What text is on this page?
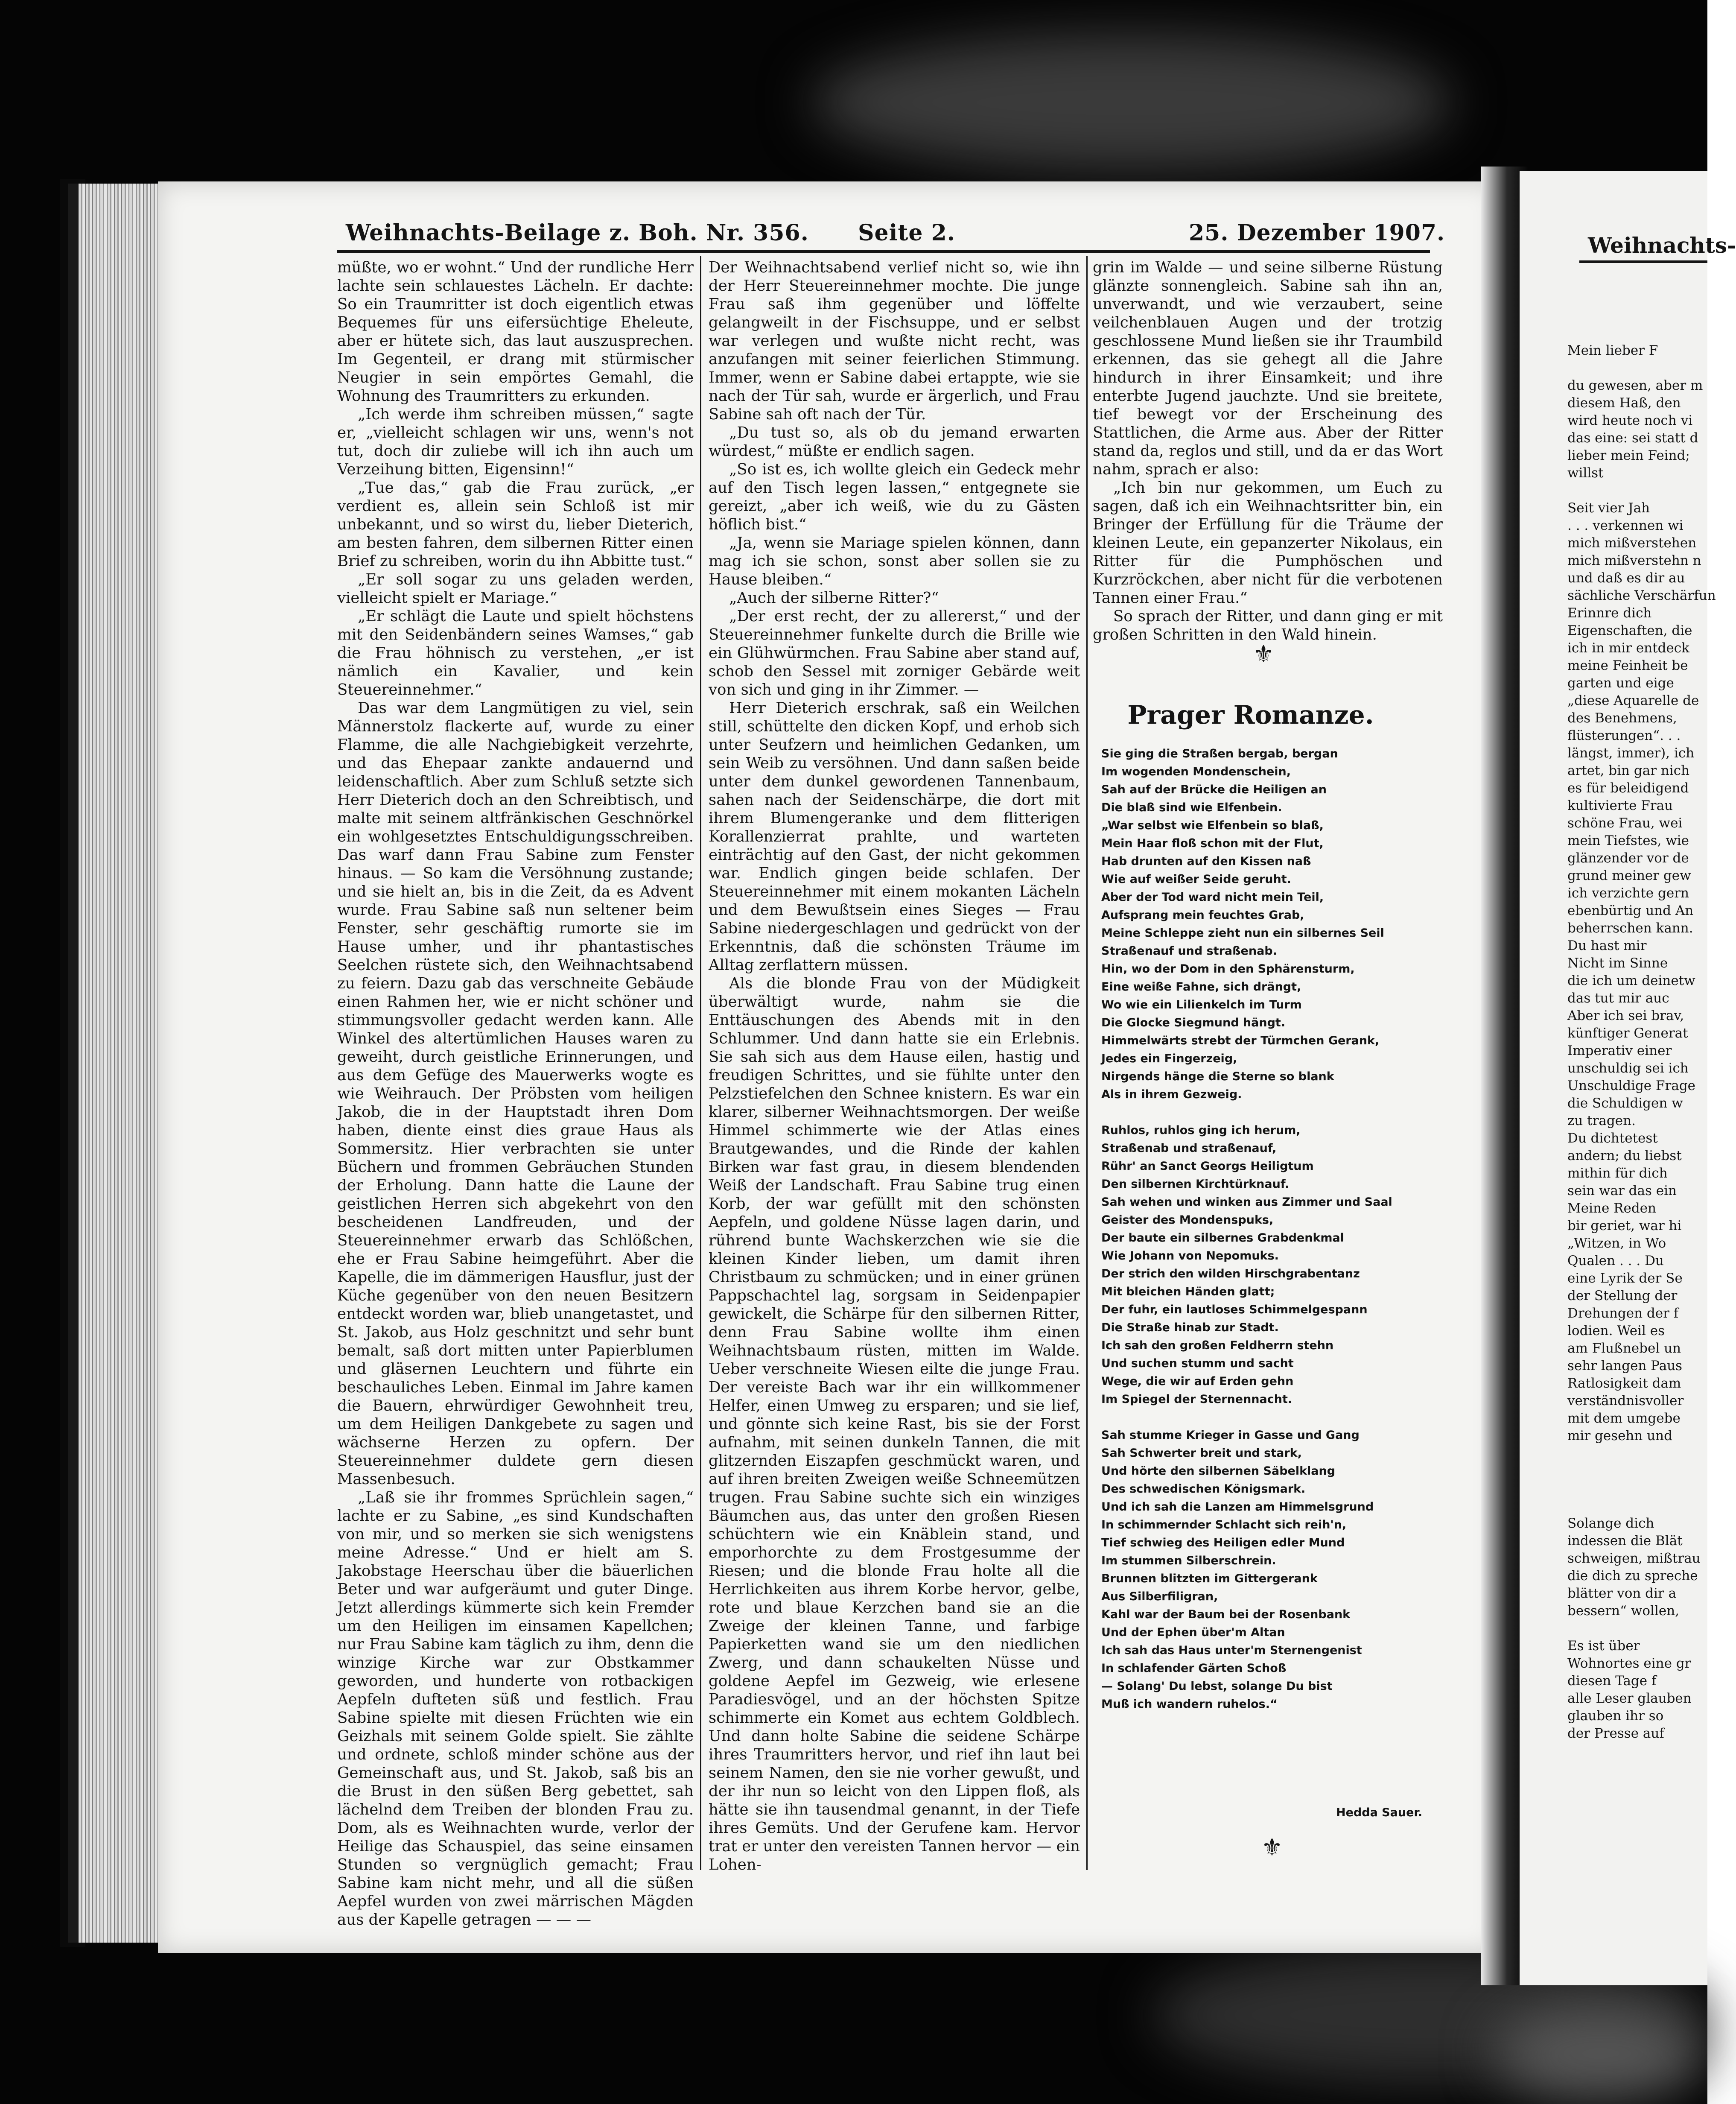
Weihnachts-Beilage z. Boh. Nr. 356. Seite 2.	25. Dezember 1907.

müßte, wo er wohnt.“ Und der rundliche Herr lachte sein schlauestes Lächeln. Er dachte: So ein Traumritter ist doch eigentlich etwas Bequemes für uns eifersüchtige Eheleute, aber er hütete sich, das laut auszusprechen. Im Gegenteil, er drang mit stürmischer Neugier in sein empörtes Gemahl, die Wohnung des Traumritters zu erkunden.

„Ich werde ihm schreiben müssen,“ sagte er, „vielleicht schlagen wir uns, wenn's not tut, doch dir zuliebe will ich ihn auch um Verzeihung bitten, Eigensinn!“

„Tue das,“ gab die Frau zurück, „er verdient es, allein sein Schloß ist mir unbekannt, und so wirst du, lieber Dieterich, am besten fahren, dem silbernen Ritter einen Brief zu schreiben, worin du ihn Abbitte tust.“

„Er soll sogar zu uns geladen werden, vielleicht spielt er Mariage.“

„Er schlägt die Laute und spielt höchstens mit den Seidenbändern seines Wamses,“ gab die Frau höhnisch zu verstehen, „er ist nämlich ein Kavalier, und kein Steuereinnehmer.“

Das war dem Langmütigen zu viel, sein Männerstolz flackerte auf, wurde zu einer Flamme, die alle Nachgiebigkeit verzehrte, und das Ehepaar zankte andauernd und leidenschaftlich. Aber zum Schluß setzte sich Herr Dieterich doch an den Schreibtisch, und malte mit seinem altfränkischen Geschnörkel ein wohlgesetztes Entschuldigungsschreiben. Das warf dann Frau Sabine zum Fenster hinaus. — So kam die Versöhnung zustande; und sie hielt an, bis in die Zeit, da es Advent wurde. Frau Sabine saß nun seltener beim Fenster, sehr geschäftig rumorte sie im Hause umher, und ihr phantastisches Seelchen rüstete sich, den Weihnachtsabend zu feiern. Dazu gab das verschneite Gebäude einen Rahmen her, wie er nicht schöner und stimmungsvoller gedacht werden kann. Alle Winkel des altertümlichen Hauses waren zu geweiht, durch geistliche Erinnerungen, und aus dem Gefüge des Mauerwerks wogte es wie Weihrauch. Der Pröbsten vom heiligen Jakob, die in der Hauptstadt ihren Dom haben, diente einst dies graue Haus als Sommersitz. Hier verbrachten sie unter Büchern und frommen Gebräuchen Stunden der Erholung. Dann hatte die Laune der geistlichen Herren sich abgekehrt von den bescheidenen Landfreuden, und der Steuereinnehmer erwarb das Schlößchen, ehe er Frau Sabine heimgeführt. Aber die Kapelle, die im dämmerigen Hausflur, just der Küche gegenüber von den neuen Besitzern entdeckt worden war, blieb unangetastet, und St. Jakob, aus Holz geschnitzt und sehr bunt bemalt, saß dort mitten unter Papierblumen und gläsernen Leuchtern und führte ein beschauliches Leben. Einmal im Jahre kamen die Bauern, ehrwürdiger Gewohnheit treu, um dem Heiligen Dankgebete zu sagen und wächserne Herzen zu opfern. Der Steuereinnehmer duldete gern diesen Massenbesuch.

„Laß sie ihr frommes Sprüchlein sagen,“ lachte er zu Sabine, „es sind Kundschaften von mir, und so merken sie sich wenigstens meine Adresse.“ Und er hielt am S. Jakobstage Heerschau über die bäuerlichen Beter und war aufgeräumt und guter Dinge. Jetzt allerdings kümmerte sich kein Fremder um den Heiligen im einsamen Kapellchen; nur Frau Sabine kam täglich zu ihm, denn die winzige Kirche war zur Obstkammer geworden, und hunderte von rotbackigen Aepfeln dufteten süß und festlich. Frau Sabine spielte mit diesen Früchten wie ein Geizhals mit seinem Golde spielt. Sie zählte und ordnete, schloß minder schöne aus der Gemeinschaft aus, und St. Jakob, saß bis an die Brust in den süßen Berg gebettet, sah lächelnd dem Treiben der blonden Frau zu. Dom, als es Weihnachten wurde, verlor der Heilige das Schauspiel, das seine einsamen Stunden so vergnüglich gemacht; Frau Sabine kam nicht mehr, und all die süßen Aepfel wurden von zwei märrischen Mägden aus der Kapelle getragen — — —

Der Weihnachtsabend verlief nicht so, wie ihn der Herr Steuereinnehmer mochte. Die junge Frau saß ihm gegenüber und löffelte gelangweilt in der Fischsuppe, und er selbst war verlegen und wußte nicht recht, was anzufangen mit seiner feierlichen Stimmung. Immer, wenn er Sabine dabei ertappte, wie sie nach der Tür sah, wurde er ärgerlich, und Frau Sabine sah oft nach der Tür.

„Du tust so, als ob du jemand erwarten würdest,“ müßte er endlich sagen.

„So ist es, ich wollte gleich ein Gedeck mehr auf den Tisch legen lassen,“ entgegnete sie gereizt, „aber ich weiß, wie du zu Gästen höflich bist.“

„Ja, wenn sie Mariage spielen können, dann mag ich sie schon, sonst aber sollen sie zu Hause bleiben.“

„Auch der silberne Ritter?“

„Der erst recht, der zu allererst,“ und der Steuereinnehmer funkelte durch die Brille wie ein Glühwürmchen. Frau Sabine aber stand auf, schob den Sessel mit zorniger Gebärde weit von sich und ging in ihr Zimmer. —

Herr Dieterich erschrak, saß ein Weilchen still, schüttelte den dicken Kopf, und erhob sich unter Seufzern und heimlichen Gedanken, um sein Weib zu versöhnen. Und dann saßen beide unter dem dunkel gewordenen Tannenbaum, sahen nach der Seidenschärpe, die dort mit ihrem Blumengeranke und dem flitterigen Korallenzierrat prahlte, und warteten einträchtig auf den Gast, der nicht gekommen war. Endlich gingen beide schlafen. Der Steuereinnehmer mit einem mokanten Lächeln und dem Bewußtsein eines Sieges — Frau Sabine niedergeschlagen und gedrückt von der Erkenntnis, daß die schönsten Träume im Alltag zerflattern müssen.

Als die blonde Frau von der Müdigkeit überwältigt wurde, nahm sie die Enttäuschungen des Abends mit in den Schlummer. Und dann hatte sie ein Erlebnis. Sie sah sich aus dem Hause eilen, hastig und freudigen Schrittes, und sie fühlte unter den Pelzstiefelchen den Schnee knistern. Es war ein klarer, silberner Weihnachtsmorgen. Der weiße Himmel schimmerte wie der Atlas eines Brautgewandes, und die Rinde der kahlen Birken war fast grau, in diesem blendenden Weiß der Landschaft. Frau Sabine trug einen Korb, der war gefüllt mit den schönsten Aepfeln, und goldene Nüsse lagen darin, und rührend bunte Wachskerzchen wie sie die kleinen Kinder lieben, um damit ihren Christbaum zu schmücken; und in einer grünen Pappschachtel lag, sorgsam in Seidenpapier gewickelt, die Schärpe für den silbernen Ritter, denn Frau Sabine wollte ihm einen Weihnachtsbaum rüsten, mitten im Walde. Ueber verschneite Wiesen eilte die junge Frau. Der vereiste Bach war ihr ein willkommener Helfer, einen Umweg zu ersparen; und sie lief, und gönnte sich keine Rast, bis sie der Forst aufnahm, mit seinen dunkeln Tannen, die mit glitzernden Eiszapfen geschmückt waren, und auf ihren breiten Zweigen weiße Schneemützen trugen. Frau Sabine suchte sich ein winziges Bäumchen aus, das unter den großen Riesen schüchtern wie ein Knäblein stand, und emporhorchte zu dem Frostgesumme der Riesen; und die blonde Frau holte all die Herrlichkeiten aus ihrem Korbe hervor, gelbe, rote und blaue Kerzchen band sie an die Zweige der kleinen Tanne, und farbige Papierketten wand sie um den niedlichen Zwerg, und dann schaukelten Nüsse und goldene Aepfel im Gezweig, wie erlesene Paradiesvögel, und an der höchsten Spitze schimmerte ein Komet aus echtem Goldblech. Und dann holte Sabine die seidene Schärpe ihres Traumritters hervor, und rief ihn laut bei seinem Namen, den sie nie vorher gewußt, und der ihr nun so leicht von den Lippen floß, als hätte sie ihn tausendmal genannt, in der Tiefe ihres Gemüts. Und der Gerufene kam. Hervor trat er unter den vereisten Tannen hervor — ein Lohen-

grin im Walde — und seine silberne Rüstung glänzte sonnengleich. Sabine sah ihn an, unverwandt, und wie verzaubert, seine veilchenblauen Augen und der trotzig geschlossene Mund ließen sie ihr Traumbild erkennen, das sie gehegt all die Jahre hindurch in ihrer Einsamkeit; und ihre enterbte Jugend jauchzte. Und sie breitete, tief bewegt vor der Erscheinung des Stattlichen, die Arme aus. Aber der Ritter stand da, reglos und still, und da er das Wort nahm, sprach er also:

„Ich bin nur gekommen, um Euch zu sagen, daß ich ein Weihnachtsritter bin, ein Bringer der Erfüllung für die Träume der kleinen Leute, ein gepanzerter Nikolaus, ein Ritter für die Pumphöschen und Kurzröckchen, aber nicht für die verbotenen Tannen einer Frau.“

So sprach der Ritter, und dann ging er mit großen Schritten in den Wald hinein.

⚜
Prager Romanze.
Sie ging die Straßen bergab, bergan
Im wogenden Mondenschein,
Sah auf der Brücke die Heiligen an
Die blaß sind wie Elfenbein.
„War selbst wie Elfenbein so blaß,
Mein Haar floß schon mit der Flut,
Hab drunten auf den Kissen naß
Wie auf weißer Seide geruht.
Aber der Tod ward nicht mein Teil,
Aufsprang mein feuchtes Grab,
Meine Schleppe zieht nun ein silbernes Seil
Straßenauf und straßenab.
Hin, wo der Dom in den Sphärensturm,
Eine weiße Fahne, sich drängt,
Wo wie ein Lilienkelch im Turm
Die Glocke Siegmund hängt.
Himmelwärts strebt der Türmchen Gerank,
Jedes ein Fingerzeig,
Nirgends hänge die Sterne so blank
Als in ihrem Gezweig.
Ruhlos, ruhlos ging ich herum,
Straßenab und straßenauf,
Rühr' an Sanct Georgs Heiligtum
Den silbernen Kirchtürknauf.
Sah wehen und winken aus Zimmer und Saal
Geister des Mondenspuks,
Der baute ein silbernes Grabdenkmal
Wie Johann von Nepomuks.
Der strich den wilden Hirschgrabentanz
Mit bleichen Händen glatt;
Der fuhr, ein lautloses Schimmelgespann
Die Straße hinab zur Stadt.
Ich sah den großen Feldherrn stehn
Und suchen stumm und sacht
Wege, die wir auf Erden gehn
Im Spiegel der Sternennacht.
Sah stumme Krieger in Gasse und Gang
Sah Schwerter breit und stark,
Und hörte den silbernen Säbelklang
Des schwedischen Königsmark.
Und ich sah die Lanzen am Himmelsgrund
In schimmernder Schlacht sich reih'n,
Tief schwieg des Heiligen edler Mund
Im stummen Silberschrein.
Brunnen blitzten im Gittergerank
Aus Silberfiligran,
Kahl war der Baum bei der Rosenbank
Und der Ephen über'm Altan
Ich sah das Haus unter'm Sternengenist
In schlafender Gärten Schoß
— Solang' Du lebst, solange Du bist
Muß ich wandern ruhelos.“
Hedda Sauer.
⚜
Weihnachts-
Mein lieber F
du gewesen, aber m
diesem Haß, den
wird heute noch vi
das eine: sei statt d
lieber mein Feind;
willst
Seit vier Jah
. . . verkennen wi
mich mißverstehen
mich mißverstehn n
und daß es dir au
sächliche Verschärfun
Erinnre dich
Eigenschaften, die
ich in mir entdeck
meine Feinheit be
garten und eige
„diese Aquarelle de
des Benehmens,
flüsterungen“. . .
längst, immer), ich
artet, bin gar nich
es für beleidigend
kultivierte Frau
schöne Frau, wei
mein Tiefstes, wie
glänzender vor de
grund meiner gew
ich verzichte gern
ebenbürtig und An
beherrschen kann.
Du hast mir
Nicht im Sinne
die ich um deinetw
das tut mir auc
Aber ich sei brav,
künftiger Generat
Imperativ einer
unschuldig sei ich
Unschuldige Frage
die Schuldigen w
zu tragen.
Du dichtetest
andern; du liebst
mithin für dich
sein war das ein
Meine Reden
bir geriet, war hi
„Witzen, in Wo
Qualen . . . Du
eine Lyrik der Se
der Stellung der
Drehungen der f
lodien. Weil es
am Flußnebel un
sehr langen Paus
Ratlosigkeit dam
verständnisvoller
mit dem umgebe
mir gesehn und
Solange dich
indessen die Blät
schweigen, mißtrau
die dich zu spreche
blätter von dir a
bessern“ wollen,
Es ist über
Wohnortes eine gr
diesen Tage f
alle Leser glauben
glauben ihr so
der Presse auf
